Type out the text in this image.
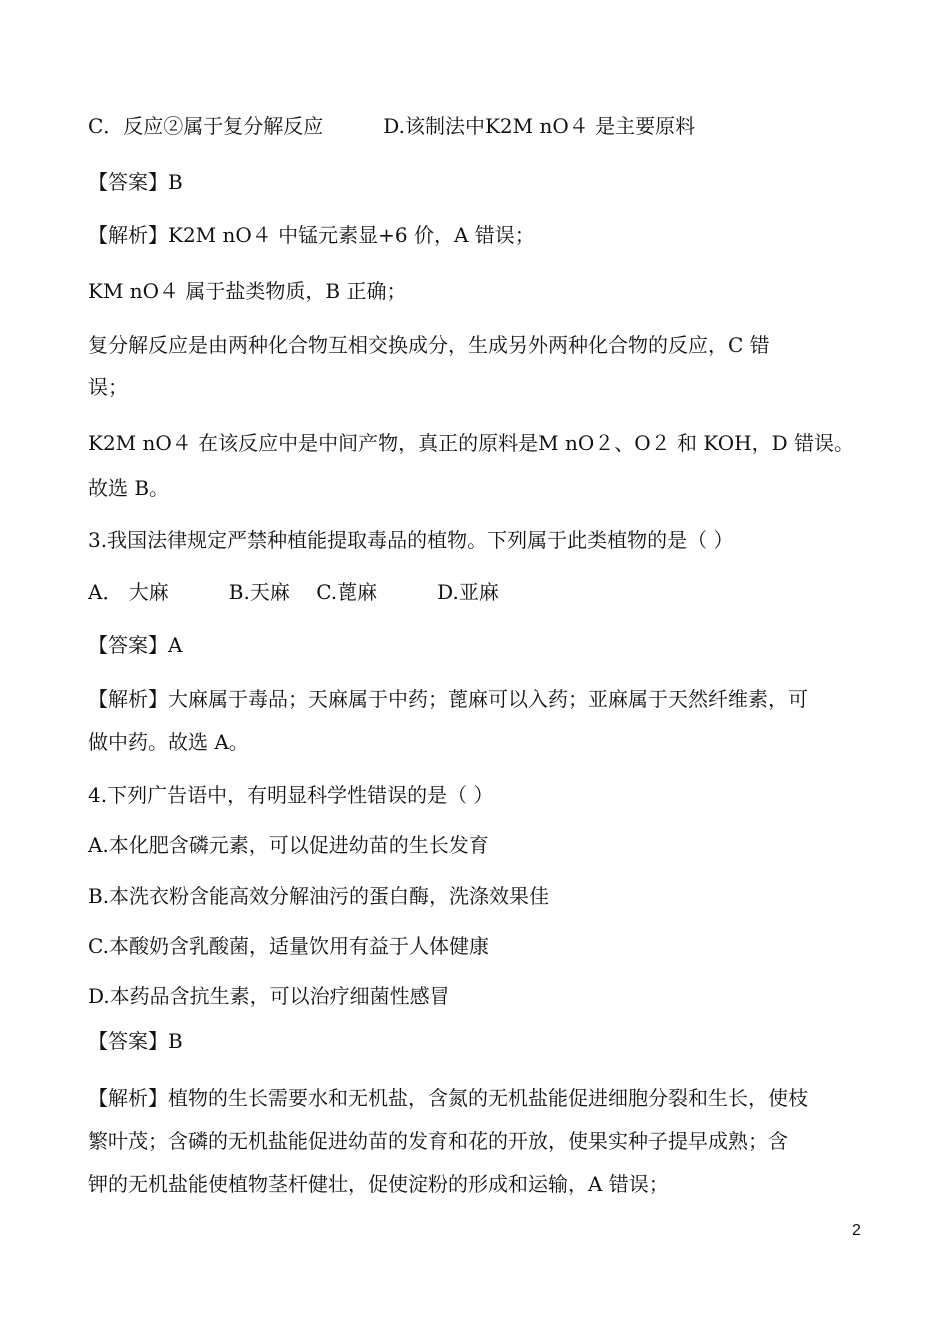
C．反应②属于复分解反应　　　D.该制法中K2M nO４ 是主要原料
【答案】B
【解析】K2M nO４ 中锰元素显+6 价，A 错误；
KM nO４ 属于盐类物质，B 正确；
复分解反应是由两种化合物互相交换成分，生成另外两种化合物的反应，C 错
误；
K2M nO４ 在该反应中是中间产物，真正的原料是M nO２、O２ 和 KOH，D 错误。
故选 B。
3.我国法律规定严禁种植能提取毒品的植物。下列属于此类植物的是（ ）
A． 大麻　　　B.天麻　 C.蓖麻　　　D.亚麻
【答案】A
【解析】大麻属于毒品；天麻属于中药；蓖麻可以入药；亚麻属于天然纤维素，可
做中药。故选 A。
4.下列广告语中，有明显科学性错误的是（ ）
A.本化肥含磷元素，可以促进幼苗的生长发育
B.本洗衣粉含能高效分解油污的蛋白酶，洗涤效果佳
C.本酸奶含乳酸菌，适量饮用有益于人体健康
D.本药品含抗生素，可以治疗细菌性感冒
【答案】B
【解析】植物的生长需要水和无机盐，含氮的无机盐能促进细胞分裂和生长，使枝
繁叶茂；含磷的无机盐能促进幼苗的发育和花的开放，使果实种子提早成熟；含
钾的无机盐能使植物茎杆健壮，促使淀粉的形成和运输，A 错误；
2
